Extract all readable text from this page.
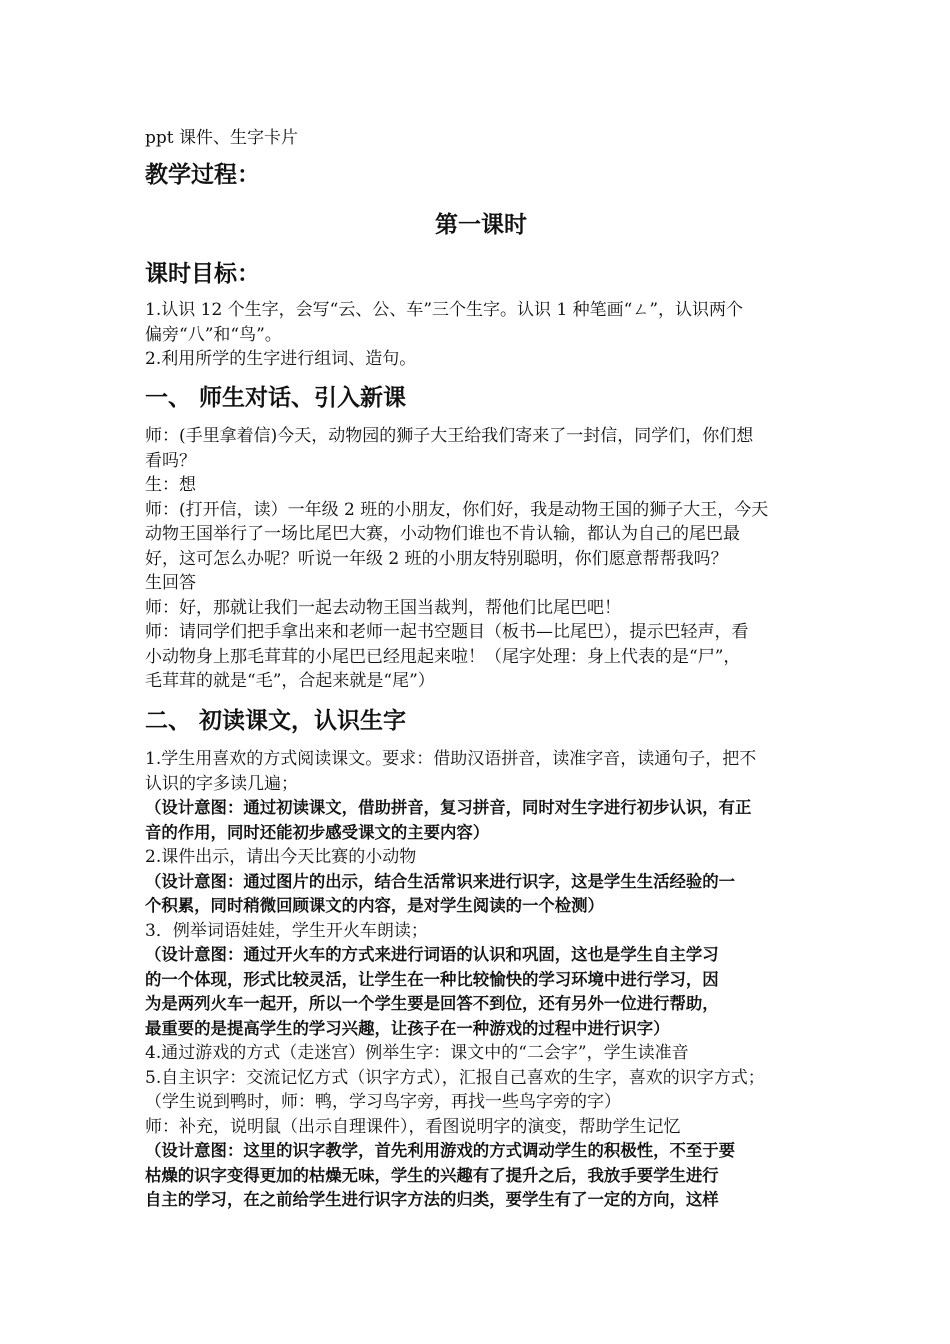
ppt 课件、生字卡片

教学过程：

第一课时

课时目标：

1.认识 12 个生字，会写“云、公、车”三个生字。认识 1 种笔画“ㄥ”，认识两个
偏旁“八”和“鸟”。
2.利用所学的生字进行组词、造句。

一、 师生对话、引入新课

师：(手里拿着信)今天，动物园的狮子大王给我们寄来了一封信，同学们，你们想
看吗？
生：想
师：(打开信，读）一年级 2 班的小朋友，你们好，我是动物王国的狮子大王，今天
动物王国举行了一场比尾巴大赛，小动物们谁也不肯认输，都认为自己的尾巴最
好，这可怎么办呢？听说一年级 2 班的小朋友特别聪明，你们愿意帮帮我吗？
生回答
师：好，那就让我们一起去动物王国当裁判，帮他们比尾巴吧！
师：请同学们把手拿出来和老师一起书空题目（板书—比尾巴），提示巴轻声，看
小动物身上那毛茸茸的小尾巴已经甩起来啦！（尾字处理：身上代表的是“尸”，
毛茸茸的就是“毛”，合起来就是“尾”）

二、 初读课文，认识生字

1.学生用喜欢的方式阅读课文。要求：借助汉语拼音，读准字音，读通句子，把不
认识的字多读几遍；
（设计意图：通过初读课文，借助拼音，复习拼音，同时对生字进行初步认识，有正
音的作用，同时还能初步感受课文的主要内容）
2.课件出示，请出今天比赛的小动物
（设计意图：通过图片的出示，结合生活常识来进行识字，这是学生生活经验的一
个积累，同时稍微回顾课文的内容，是对学生阅读的一个检测）
3．例举词语娃娃，学生开火车朗读；
（设计意图：通过开火车的方式来进行词语的认识和巩固，这也是学生自主学习
的一个体现，形式比较灵活，让学生在一种比较愉快的学习环境中进行学习，因
为是两列火车一起开，所以一个学生要是回答不到位，还有另外一位进行帮助，
最重要的是提高学生的学习兴趣，让孩子在一种游戏的过程中进行识字）
4.通过游戏的方式（走迷宫）例举生字：课文中的“二会字”，学生读准音
5.自主识字：交流记忆方式（识字方式），汇报自己喜欢的生字，喜欢的识字方式；
（学生说到鸭时，师：鸭，学习鸟字旁，再找一些鸟字旁的字）
师：补充，说明鼠（出示自理课件），看图说明字的演变，帮助学生记忆
（设计意图：这里的识字教学，首先利用游戏的方式调动学生的积极性，不至于要
枯燥的识字变得更加的枯燥无味，学生的兴趣有了提升之后，我放手要学生进行
自主的学习，在之前给学生进行识字方法的归类，要学生有了一定的方向，这样
